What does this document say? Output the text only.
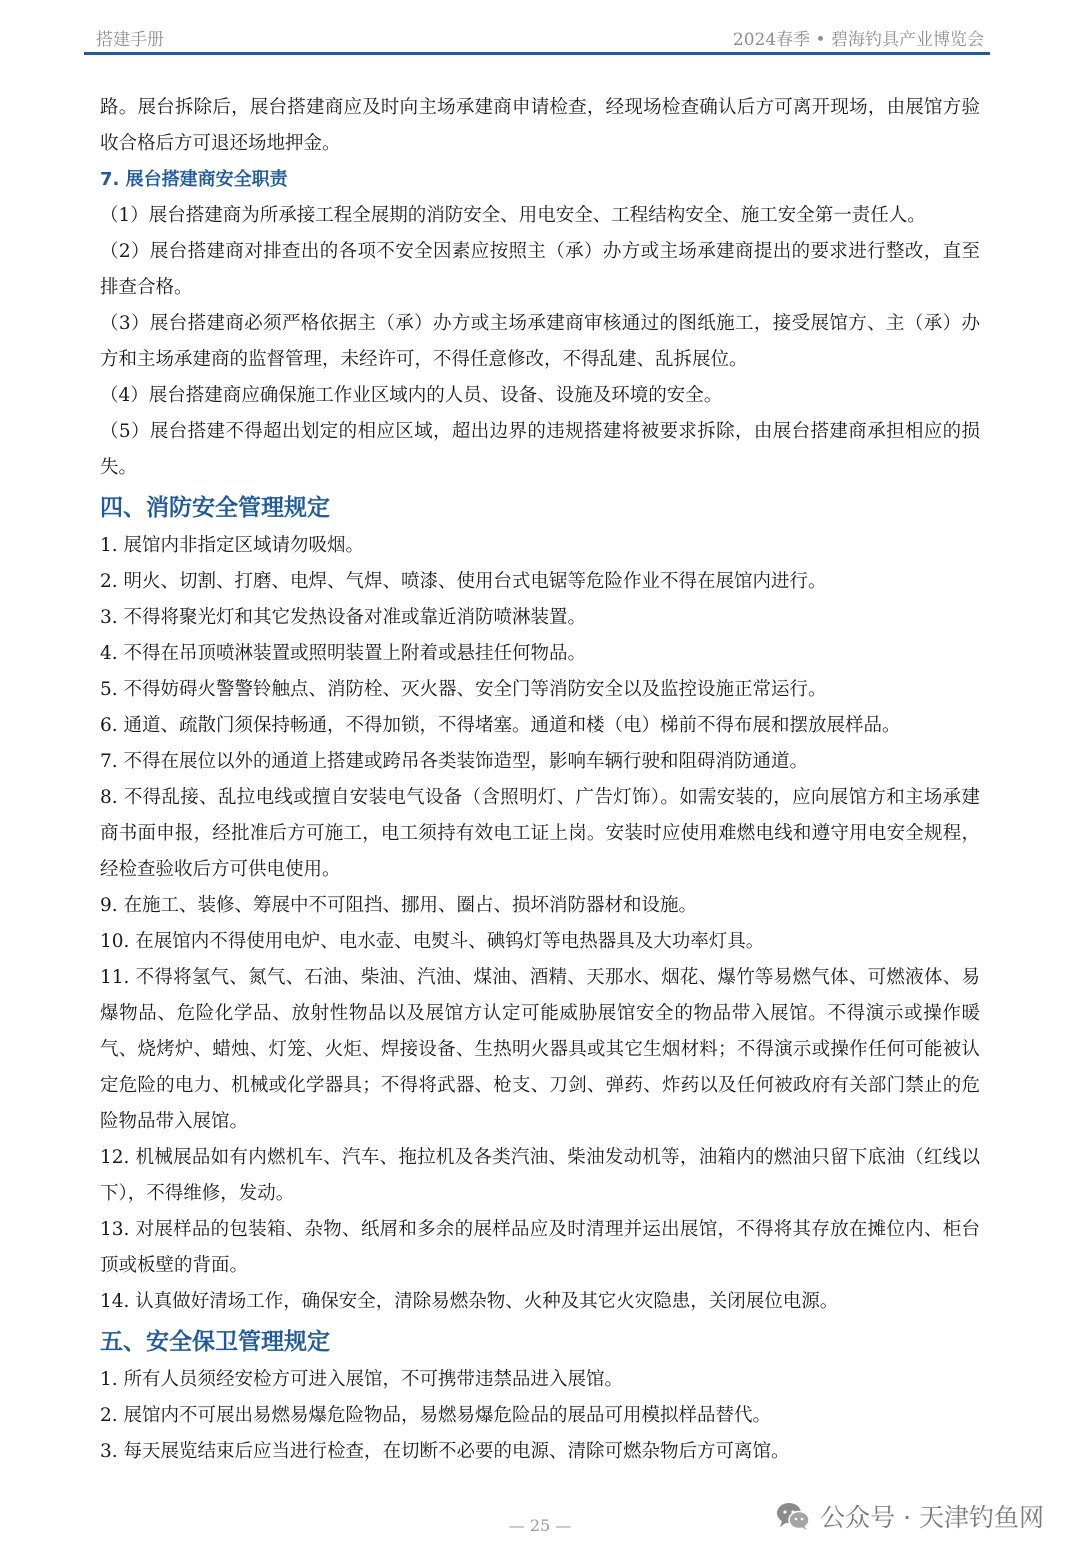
搭建手册	2024春季 • 碧海钓具产业博览会

路。展台拆除后，展台搭建商应及时向主场承建商申请检查，经现场检查确认后方可离开现场，由展馆方验收合格后方可退还场地押金。

7. 展台搭建商安全职责

（1）展台搭建商为所承接工程全展期的消防安全、用电安全、工程结构安全、施工安全第一责任人。

（2）展台搭建商对排查出的各项不安全因素应按照主（承）办方或主场承建商提出的要求进行整改，直至排查合格。

（3）展台搭建商必须严格依据主（承）办方或主场承建商审核通过的图纸施工，接受展馆方、主（承）办方和主场承建商的监督管理，未经许可，不得任意修改，不得乱建、乱拆展位。

（4）展台搭建商应确保施工作业区域内的人员、设备、设施及环境的安全。

（5）展台搭建不得超出划定的相应区域，超出边界的违规搭建将被要求拆除，由展台搭建商承担相应的损失。

四、消防安全管理规定

1. 展馆内非指定区域请勿吸烟。

2. 明火、切割、打磨、电焊、气焊、喷漆、使用台式电锯等危险作业不得在展馆内进行。

3. 不得将聚光灯和其它发热设备对准或靠近消防喷淋装置。

4. 不得在吊顶喷淋装置或照明装置上附着或悬挂任何物品。

5. 不得妨碍火警警铃触点、消防栓、灭火器、安全门等消防安全以及监控设施正常运行。

6. 通道、疏散门须保持畅通，不得加锁，不得堵塞。通道和楼（电）梯前不得布展和摆放展样品。

7. 不得在展位以外的通道上搭建或跨吊各类装饰造型，影响车辆行驶和阻碍消防通道。

8. 不得乱接、乱拉电线或擅自安装电气设备（含照明灯、广告灯饰）。如需安装的，应向展馆方和主场承建商书面申报，经批准后方可施工，电工须持有效电工证上岗。安装时应使用难燃电线和遵守用电安全规程，经检查验收后方可供电使用。

9. 在施工、装修、筹展中不可阻挡、挪用、圈占、损坏消防器材和设施。

10. 在展馆内不得使用电炉、电水壶、电熨斗、碘钨灯等电热器具及大功率灯具。

11. 不得将氢气、氮气、石油、柴油、汽油、煤油、酒精、天那水、烟花、爆竹等易燃气体、可燃液体、易爆物品、危险化学品、放射性物品以及展馆方认定可能威胁展馆安全的物品带入展馆。不得演示或操作暖气、烧烤炉、蜡烛、灯笼、火炬、焊接设备、生热明火器具或其它生烟材料；不得演示或操作任何可能被认定危险的电力、机械或化学器具；不得将武器、枪支、刀剑、弹药、炸药以及任何被政府有关部门禁止的危险物品带入展馆。

12. 机械展品如有内燃机车、汽车、拖拉机及各类汽油、柴油发动机等，油箱内的燃油只留下底油（红线以下），不得维修，发动。

13. 对展样品的包装箱、杂物、纸屑和多余的展样品应及时清理并运出展馆，不得将其存放在摊位内、柜台顶或板壁的背面。

14. 认真做好清场工作，确保安全，清除易燃杂物、火种及其它火灾隐患，关闭展位电源。

五、安全保卫管理规定

1. 所有人员须经安检方可进入展馆，不可携带违禁品进入展馆。

2. 展馆内不可展出易燃易爆危险物品，易燃易爆危险品的展品可用模拟样品替代。

3. 每天展览结束后应当进行检查，在切断不必要的电源、清除可燃杂物后方可离馆。

— 25 —	公众号 · 天津钓鱼网
